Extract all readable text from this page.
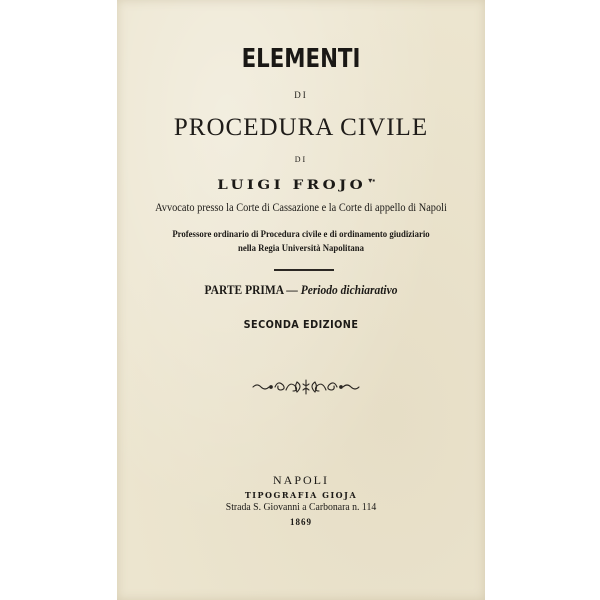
ELEMENTI
DI
PROCEDURA CIVILE
DI
LUIGI FROJO ▾▪
Avvocato presso la Corte di Cassazione e la Corte di appello di Napoli
Professore ordinario di Procedura civile e di ordinamento giudiziario
nella Regia Università Napolitana
PARTE PRIMA — Periodo dichiarativo
SECONDA EDIZIONE
NAPOLI
TIPOGRAFIA GIOJA
Strada S. Giovanni a Carbonara n. 114
1869
